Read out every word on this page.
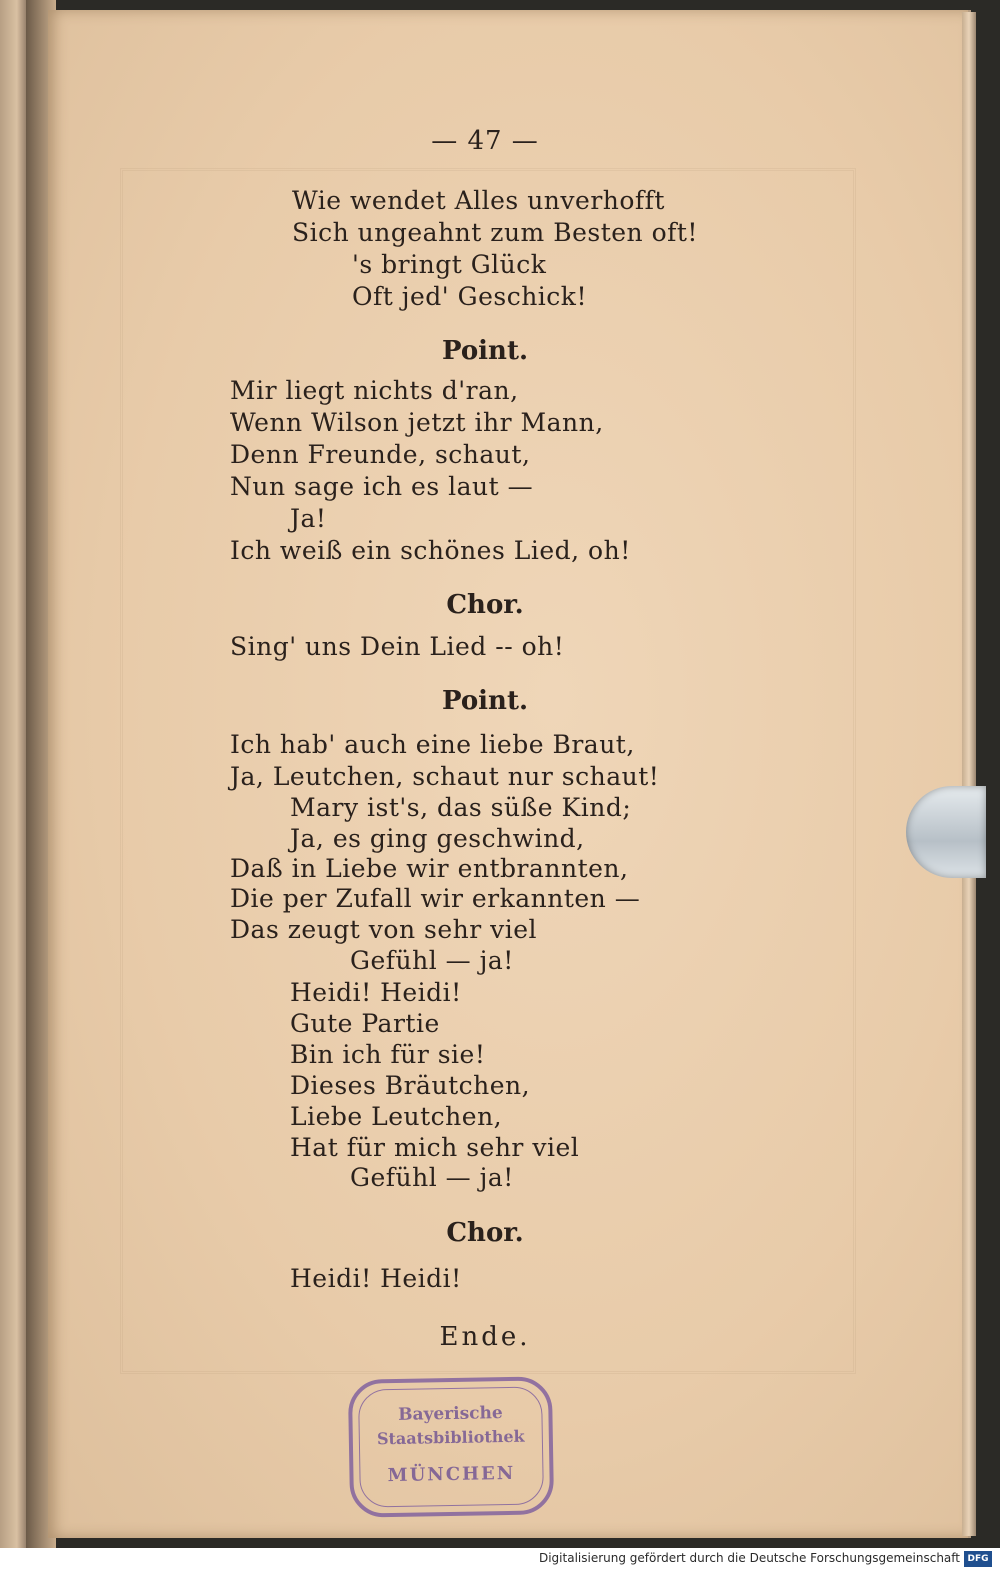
— 47 —
Wie wendet Alles unverhofft
Sich ungeahnt zum Besten oft!
's bringt Glück
Oft jed' Geschick!
Point.
Mir liegt nichts d'ran,
Wenn Wilson jetzt ihr Mann,
Denn Freunde, schaut,
Nun sage ich es laut —
Ja!
Ich weiß ein schönes Lied, oh!
Chor.
Sing' uns Dein Lied -- oh!
Point.
Ich hab' auch eine liebe Braut,
Ja, Leutchen, schaut nur schaut!
Mary ist's, das süße Kind;
Ja, es ging geschwind,
Daß in Liebe wir entbrannten,
Die per Zufall wir erkannten —
Das zeugt von sehr viel
Gefühl — ja!
Heidi! Heidi!
Gute Partie
Bin ich für sie!
Dieses Bräutchen,
Liebe Leutchen,
Hat für mich sehr viel
Gefühl — ja!
Chor.
Heidi! Heidi!
Ende.
Bayerische
Staatsbibliothek
MÜNCHEN
Digitalisierung gefördert durch die Deutsche Forschungsgemeinschaft DFG
